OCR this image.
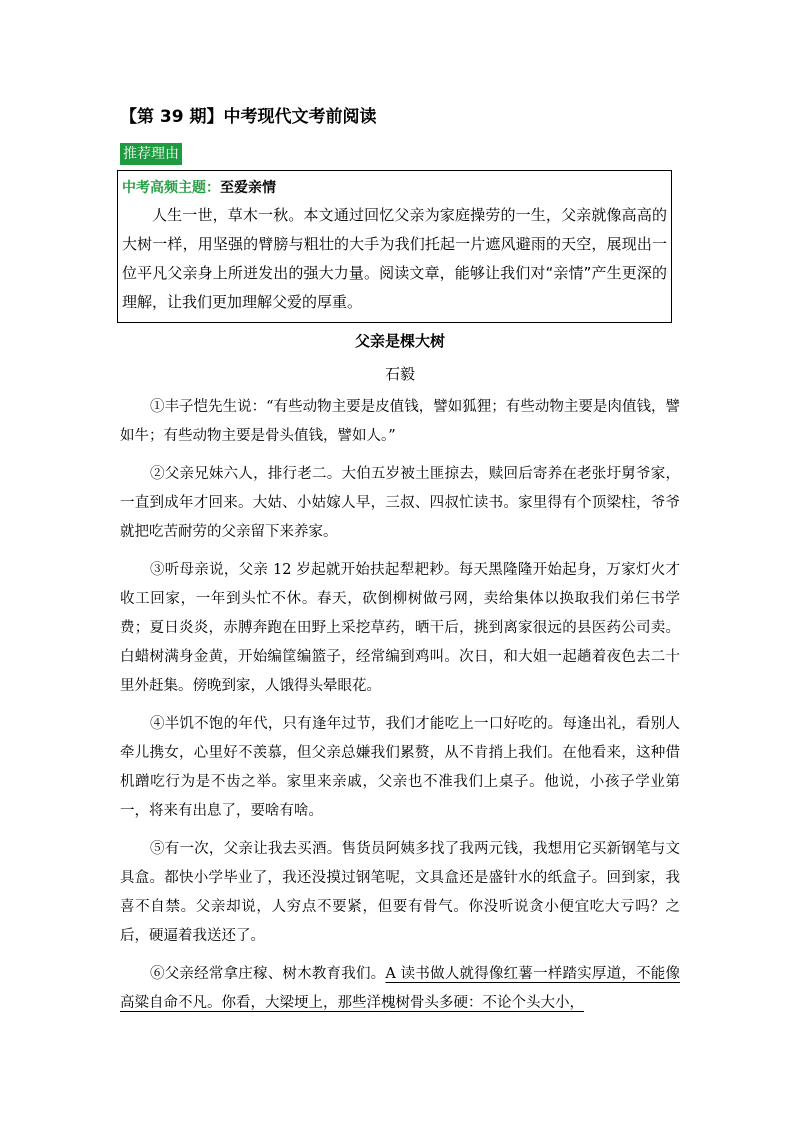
【第 39 期】中考现代文考前阅读
推荐理由
中考高频主题：至爱亲情
人生一世，草木一秋。本文通过回忆父亲为家庭操劳的一生，父亲就像高高的大树一样，用坚强的臂膀与粗壮的大手为我们托起一片遮风避雨的天空，展现出一位平凡父亲身上所迸发出的强大力量。阅读文章，能够让我们对“亲情”产生更深的理解，让我们更加理解父爱的厚重。
父亲是棵大树
石毅

①丰子恺先生说：“有些动物主要是皮值钱，譬如狐狸；有些动物主要是肉值钱，譬如牛；有些动物主要是骨头值钱，譬如人。”

②父亲兄妹六人，排行老二。大伯五岁被土匪掠去，赎回后寄养在老张圩舅爷家，一直到成年才回来。大姑、小姑嫁人早，三叔、四叔忙读书。家里得有个顶梁柱，爷爷就把吃苦耐劳的父亲留下来养家。

③听母亲说，父亲 12 岁起就开始扶起犁耙耖。每天黑隆隆开始起身，万家灯火才收工回家，一年到头忙不休。春天，砍倒柳树做弓网，卖给集体以换取我们弟仨书学费；夏日炎炎，赤膊奔跑在田野上采挖草药，晒干后，挑到离家很远的县医药公司卖。白蜡树满身金黄，开始编筐编篮子，经常编到鸡叫。次日，和大姐一起趟着夜色去二十里外赶集。傍晚到家，人饿得头晕眼花。

④半饥不饱的年代，只有逢年过节，我们才能吃上一口好吃的。每逢出礼，看别人牵儿携女，心里好不羡慕，但父亲总嫌我们累赘，从不肯捎上我们。在他看来，这种借机蹭吃行为是不齿之举。家里来亲戚，父亲也不准我们上桌子。他说，小孩子学业第一，将来有出息了，要啥有啥。

⑤有一次，父亲让我去买酒。售货员阿姨多找了我两元钱，我想用它买新钢笔与文具盒。都快小学毕业了，我还没摸过钢笔呢，文具盒还是盛针水的纸盒子。回到家，我喜不自禁。父亲却说，人穷点不要紧，但要有骨气。你没听说贪小便宜吃大亏吗？之后，硬逼着我送还了。

⑥父亲经常拿庄稼、树木教育我们。A 读书做人就得像红薯一样踏实厚道，不能像高粱自命不凡。你看，大梁埂上，那些洋槐树骨头多硬：不论个头大小，
